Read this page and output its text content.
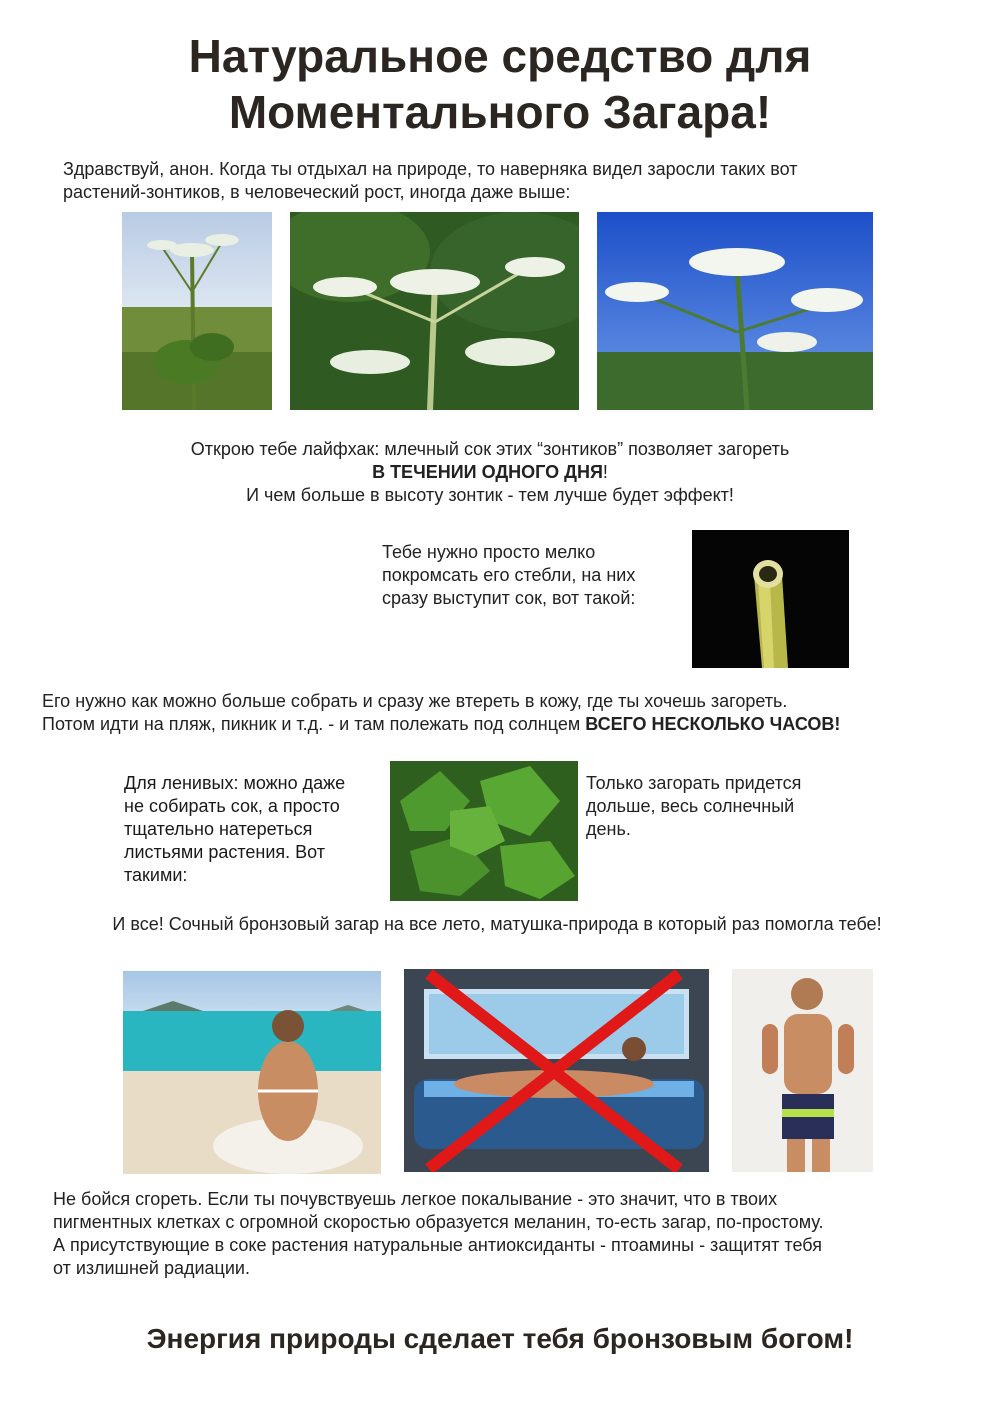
Натуральное средство для
Моментального Загара!
Здравствуй, анон. Когда ты отдыхал на природе, то наверняка видел заросли таких вот
растений-зонтиков, в человеческий рост, иногда даже выше:
Открою тебе лайфхак: млечный сок этих “зонтиков” позволяет загореть
В ТЕЧЕНИИ ОДНОГО ДНЯ!
И чем больше в высоту зонтик - тем лучше будет эффект!
Тебе нужно просто мелко
покромсать его стебли, на них
сразу выступит сок, вот такой:
Его нужно как можно больше собрать и сразу же втереть в кожу, где ты хочешь загореть.
Потом идти на пляж, пикник и т.д. - и там полежать под солнцем ВСЕГО НЕСКОЛЬКО ЧАСОВ!
Для ленивых: можно даже
не собирать сок, а просто
тщательно натереться
листьями растения. Вот
такими:
Только загорать придется
дольше, весь солнечный
день.
И все! Сочный бронзовый загар на все лето, матушка-природа в который раз помогла тебе!
Не бойся сгореть. Если ты почувствуешь легкое покалывание - это значит, что в твоих
пигментных клетках с огромной скоростью образуется меланин, то-есть загар, по-простому.
А присутствующие в соке растения натуральные антиоксиданты - птоамины - защитят тебя
от излишней радиации.
Энергия природы сделает тебя бронзовым богом!
